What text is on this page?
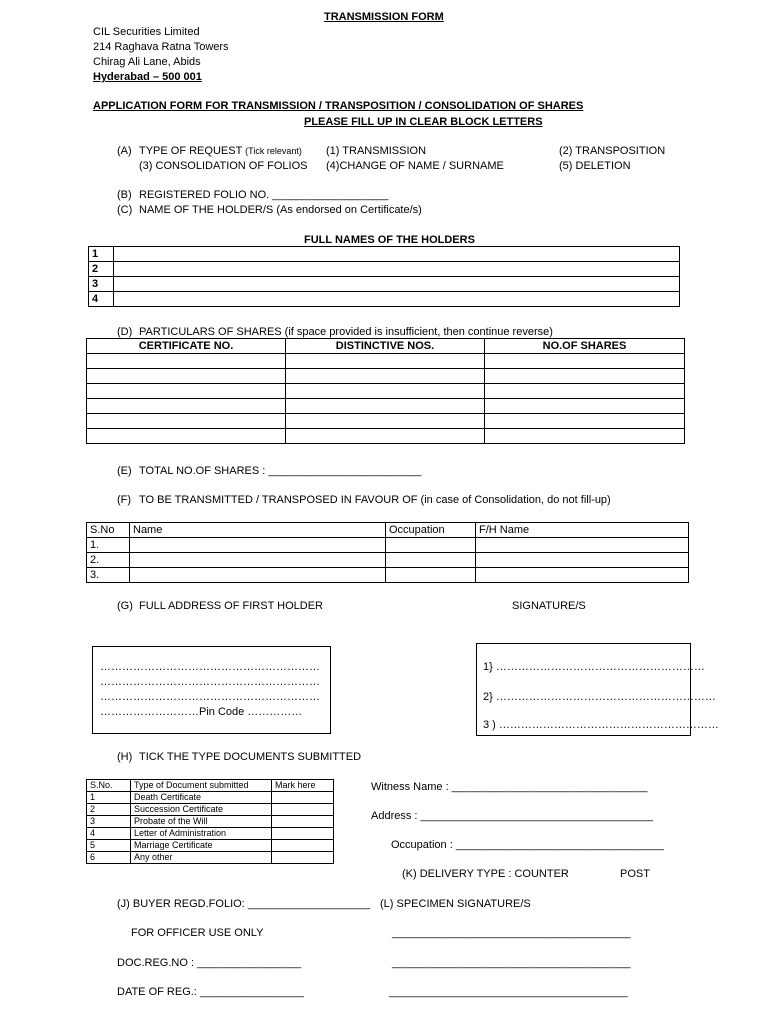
TRANSMISSION FORM
CIL Securities Limited
214 Raghava Ratna Towers
Chirag Ali Lane, Abids
Hyderabad – 500 001
APPLICATION FORM FOR TRANSMISSION / TRANSPOSITION / CONSOLIDATION OF SHARES
PLEASE FILL UP IN CLEAR BLOCK LETTERS
(A) TYPE OF REQUEST (Tick relevant) (1) TRANSMISSION	(2) TRANSPOSITION
(3) CONSOLIDATION OF FOLIOS (4)CHANGE OF NAME / SURNAME	(5) DELETION
(B) REGISTERED FOLIO NO. ___________________
(C) NAME OF THE HOLDER/S (As endorsed on Certificate/s)
FULL NAMES OF THE HOLDERS
1	
2	
3	
4	
(D) PARTICULARS OF SHARES (if space provided is insufficient, then continue reverse)
CERTIFICATE NO.	DISTINCTIVE NOS.	NO.OF SHARES

(E) TOTAL NO.OF SHARES : _________________________
(F) TO BE TRANSMITTED / TRANSPOSED IN FAVOUR OF (in case of Consolidation, do not fill-up)
S.No	Name	Occupation	F/H Name
1.			
2.			
3.			
(G) FULL ADDRESS OF FIRST HOLDER	SIGNATURE/S
……………………………………………………
……………………………………………………
……………………………………………………
………………………Pin Code ……………
1} …………………………………………………
2} ……………………………………………………
3 ) ……………………………………………………
(H) TICK THE TYPE DOCUMENTS SUBMITTED
S.No.	Type of Document submitted	Mark here
1	Death Certificate	
2	Succession Certificate	
3	Probate of the Will	
4	Letter of Administration	
5	Marriage Certificate	
6	Any other	
Witness Name : ________________________________
Address : ______________________________________
Occupation : __________________________________
(K) DELIVERY TYPE : COUNTER	POST
(J) BUYER REGD.FOLIO: ____________________ (L) SPECIMEN SIGNATURE/S
FOR OFFICER USE ONLY
DOC.REG.NO : _________________
DATE OF REG.: _________________
_______________________________________
_______________________________________
_______________________________________
